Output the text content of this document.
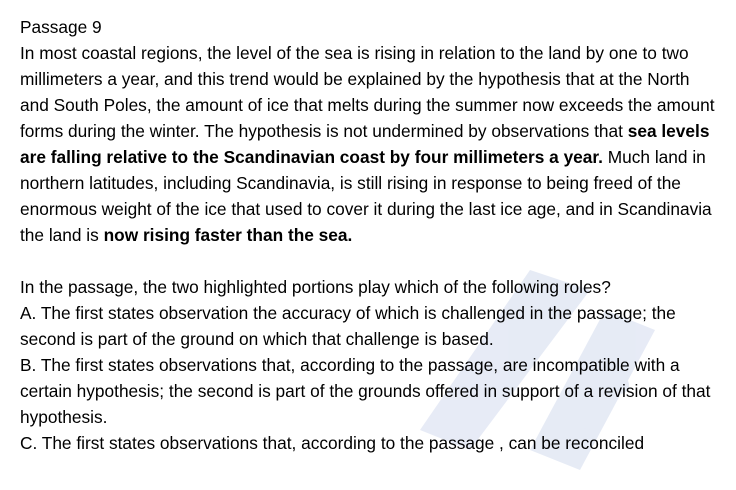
Passage 9

In most coastal regions, the level of the sea is rising in relation to the land by one to two millimeters a year, and this trend would be explained by the hypothesis that at the North and South Poles, the amount of ice that melts during the summer now exceeds the amount forms during the winter. The hypothesis is not undermined by observations that sea levels are falling relative to the Scandinavian coast by four millimeters a year. Much land in northern latitudes, including Scandinavia, is still rising in response to being freed of the enormous weight of the ice that used to cover it during the last ice age, and in Scandinavia the land is now rising faster than the sea.

In the passage, the two highlighted portions play which of the following roles?

A. The first states observation the accuracy of which is challenged in the passage; the second is part of the ground on which that challenge is based.

B. The first states observations that, according to the passage, are incompatible with a certain hypothesis; the second is part of the grounds offered in support of a revision of that hypothesis.

C. The first states observations that, according to the passage , can be reconciled
